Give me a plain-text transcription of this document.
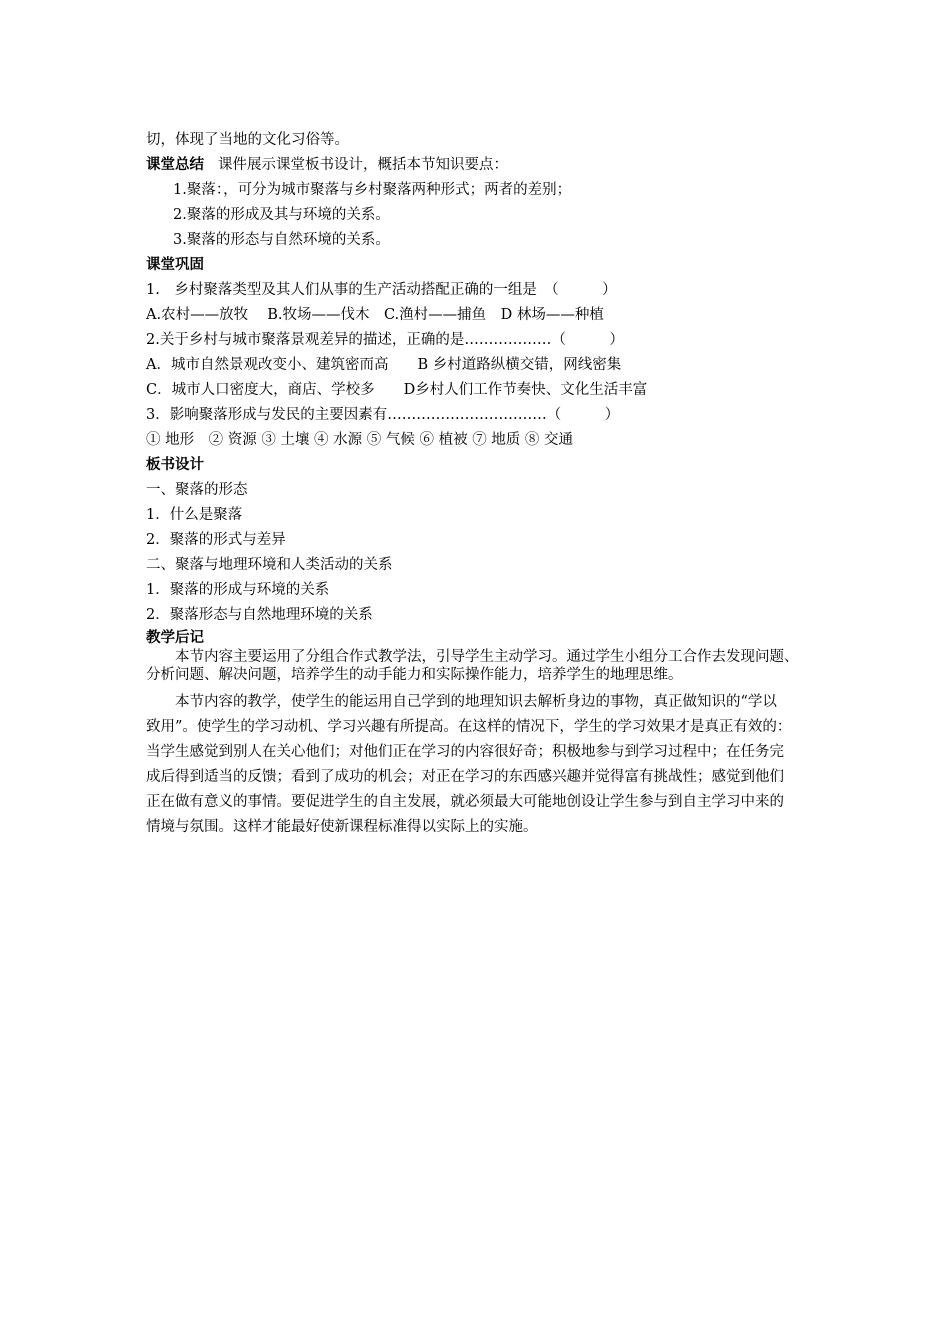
切，体现了当地的文化习俗等。
课堂总结 课件展示课堂板书设计，概括本节知识要点：
1.聚落：，可分为城市聚落与乡村聚落两种形式；两者的差别；
2.聚落的形成及其与环境的关系。
3.聚落的形态与自然环境的关系。
课堂巩固
1.　乡村聚落类型及其人们从事的生产活动搭配正确的一组是　（　　　）
A.农村——放牧　 B.牧场——伐木　C.渔村——捕鱼　D 林场——种植
2.关于乡村与城市聚落景观差异的描述，正确的是………………（　　　）
A．城市自然景观改变小、建筑密而高　　B 乡村道路纵横交错，网线密集
C．城市人口密度大，商店、学校多　　D乡村人们工作节奏快、文化生活丰富
3．影响聚落形成与发民的主要因素有……………………………（　　　）
① 地形　② 资源 ③ 土壤 ④ 水源 ⑤ 气候 ⑥ 植被 ⑦ 地质 ⑧ 交通
板书设计
一、聚落的形态
1．什么是聚落
2．聚落的形式与差异
二、聚落与地理环境和人类活动的关系
1．聚落的形成与环境的关系
2．聚落形态与自然地理环境的关系
教学后记
本节内容主要运用了分组合作式教学法，引导学生主动学习。通过学生小组分工合作去发现问题、
分析问题、解决问题，培养学生的动手能力和实际操作能力，培养学生的地理思维。
本节内容的教学，使学生的能运用自己学到的地理知识去解析身边的事物，真正做知识的“学以
致用”。使学生的学习动机、学习兴趣有所提高。在这样的情况下，学生的学习效果才是真正有效的：
当学生感觉到别人在关心他们；对他们正在学习的内容很好奇；积极地参与到学习过程中；在任务完
成后得到适当的反馈；看到了成功的机会；对正在学习的东西感兴趣并觉得富有挑战性；感觉到他们
正在做有意义的事情。要促进学生的自主发展，就必须最大可能地创设让学生参与到自主学习中来的
情境与氛围。这样才能最好使新课程标准得以实际上的实施。
